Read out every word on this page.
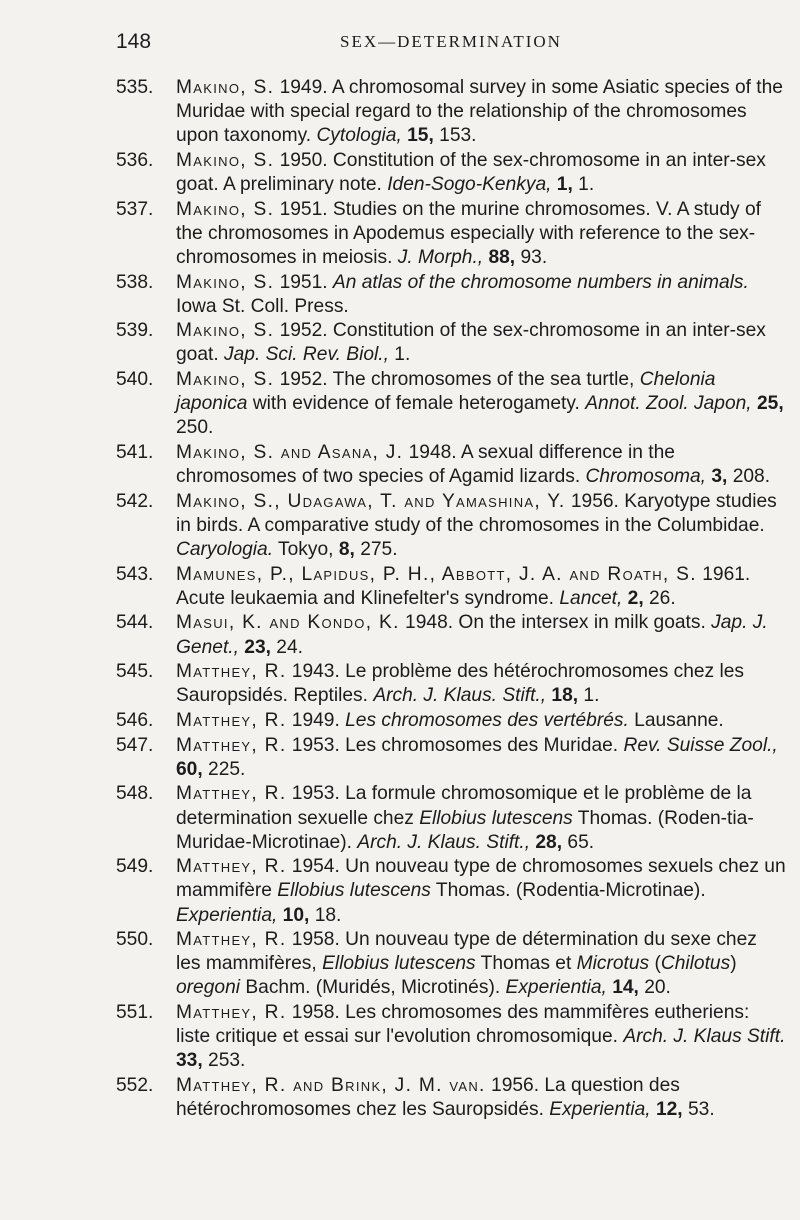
148	SEX—DETERMINATION
535. Makino, S. 1949. A chromosomal survey in some Asiatic species of the Muridae with special regard to the relationship of the chromosomes upon taxonomy. Cytologia, 15, 153.
536. Makino, S. 1950. Constitution of the sex-chromosome in an inter-sex goat. A preliminary note. Iden-Sogo-Kenkya, 1, 1.
537. Makino, S. 1951. Studies on the murine chromosomes. V. A study of the chromosomes in Apodemus especially with reference to the sex-chromosomes in meiosis. J. Morph., 88, 93.
538. Makino, S. 1951. An atlas of the chromosome numbers in animals. Iowa St. Coll. Press.
539. Makino, S. 1952. Constitution of the sex-chromosome in an inter-sex goat. Jap. Sci. Rev. Biol., 1.
540. Makino, S. 1952. The chromosomes of the sea turtle, Chelonia japonica with evidence of female heterogamety. Annot. Zool. Japon, 25, 250.
541. Makino, S. and Asana, J. 1948. A sexual difference in the chromosomes of two species of Agamid lizards. Chromosoma, 3, 208.
542. Makino, S., Udagawa, T. and Yamashina, Y. 1956. Karyotype studies in birds. A comparative study of the chromosomes in the Columbidae. Caryologia. Tokyo, 8, 275.
543. Mamunes, P., Lapidus, P. H., Abbott, J. A. and Roath, S. 1961. Acute leukaemia and Klinefelter's syndrome. Lancet, 2, 26.
544. Masui, K. and Kondo, K. 1948. On the intersex in milk goats. Jap. J. Genet., 23, 24.
545. Matthey, R. 1943. Le problème des hétérochromosomes chez les Sauropsidés. Reptiles. Arch. J. Klaus. Stift., 18, 1.
546. Matthey, R. 1949. Les chromosomes des vertébrés. Lausanne.
547. Matthey, R. 1953. Les chromosomes des Muridae. Rev. Suisse Zool., 60, 225.
548. Matthey, R. 1953. La formule chromosomique et le problème de la determination sexuelle chez Ellobius lutescens Thomas. (Roden-tia-Muridae-Microtinae). Arch. J. Klaus. Stift., 28, 65.
549. Matthey, R. 1954. Un nouveau type de chromosomes sexuels chez un mammifère Ellobius lutescens Thomas. (Rodentia-Microtinae). Experientia, 10, 18.
550. Matthey, R. 1958. Un nouveau type de détermination du sexe chez les mammifères, Ellobius lutescens Thomas et Microtus (Chilotus) oregoni Bachm. (Muridés, Microtinés). Experientia, 14, 20.
551. Matthey, R. 1958. Les chromosomes des mammifères eutheriens: liste critique et essai sur l'evolution chromosomique. Arch. J. Klaus Stift. 33, 253.
552. Matthey, R. and Brink, J. M. van. 1956. La question des hétérochromosomes chez les Sauropsidés. Experientia, 12, 53.
